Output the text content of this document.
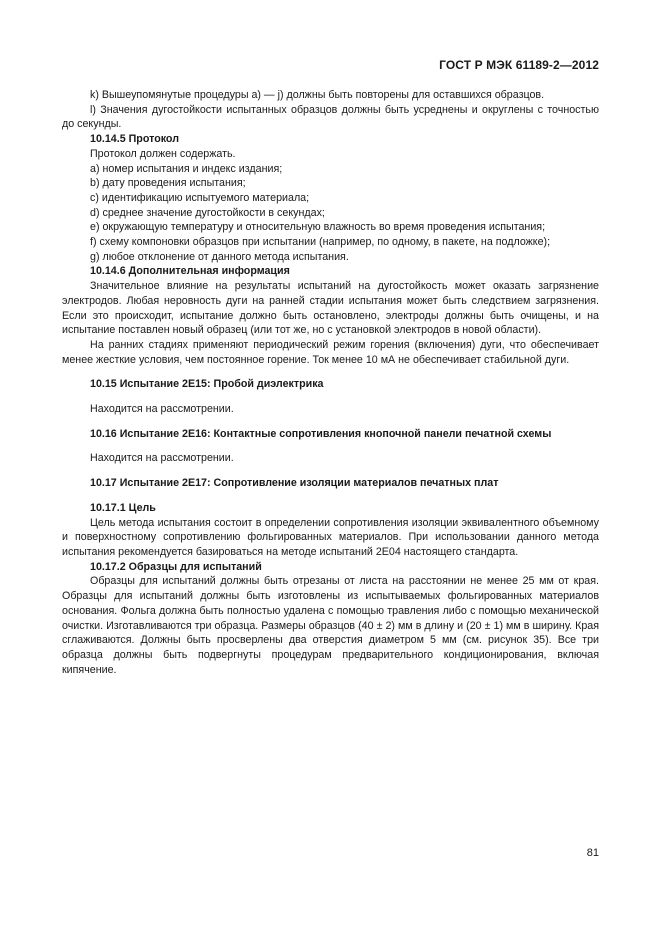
ГОСТ Р МЭК 61189-2—2012

k) Вышеупомянутые процедуры а) — j) должны быть повторены для оставшихся образцов.

l) Значения дугостойкости испытанных образцов должны быть усреднены и округлены с точностью до секунды.

10.14.5 Протокол

Протокол должен содержать.

а) номер испытания и индекс издания;

b) дату проведения испытания;

с) идентификацию испытуемого материала;

d) среднее значение дугостойкости в секундах;

е) окружающую температуру и относительную влажность во время проведения испытания;

f) схему компоновки образцов при испытании (например, по одному, в пакете, на подложке);

g) любое отклонение от данного метода испытания.

10.14.6 Дополнительная информация

Значительное влияние на результаты испытаний на дугостойкость может оказать загрязнение электродов. Любая неровность дуги на ранней стадии испытания может быть следствием загрязнения. Если это происходит, испытание должно быть остановлено, электроды должны быть очищены, и на испытание поставлен новый образец (или тот же, но с установкой электродов в новой области).

На ранних стадиях применяют периодический режим горения (включения) дуги, что обеспечивает менее жесткие условия, чем постоянное горение. Ток менее 10 мА не обеспечивает стабильной дуги.

10.15 Испытание 2E15: Пробой диэлектрика

Находится на рассмотрении.

10.16 Испытание 2E16: Контактные сопротивления кнопочной панели печатной схемы

Находится на рассмотрении.

10.17 Испытание 2E17: Сопротивление изоляции материалов печатных плат

10.17.1 Цель

Цель метода испытания состоит в определении сопротивления изоляции эквивалентного объемному и поверхностному сопротивлению фольгированных материалов. При использовании данного метода испытания рекомендуется базироваться на методе испытаний 2Е04 настоящего стандарта.

10.17.2 Образцы для испытаний

Образцы для испытаний должны быть отрезаны от листа на расстоянии не менее 25 мм от края. Образцы для испытаний должны быть изготовлены из испытываемых фольгированных материалов основания. Фольга должна быть полностью удалена с помощью травления либо с помощью механической очистки. Изготавливаются три образца. Размеры образцов (40 ± 2) мм в длину и (20 ± 1) мм в ширину. Края сглаживаются. Должны быть просверлены два отверстия диаметром 5 мм (см. рисунок 35). Все три образца должны быть подвергнуты процедурам предварительного кондиционирования, включая кипячение.

81
